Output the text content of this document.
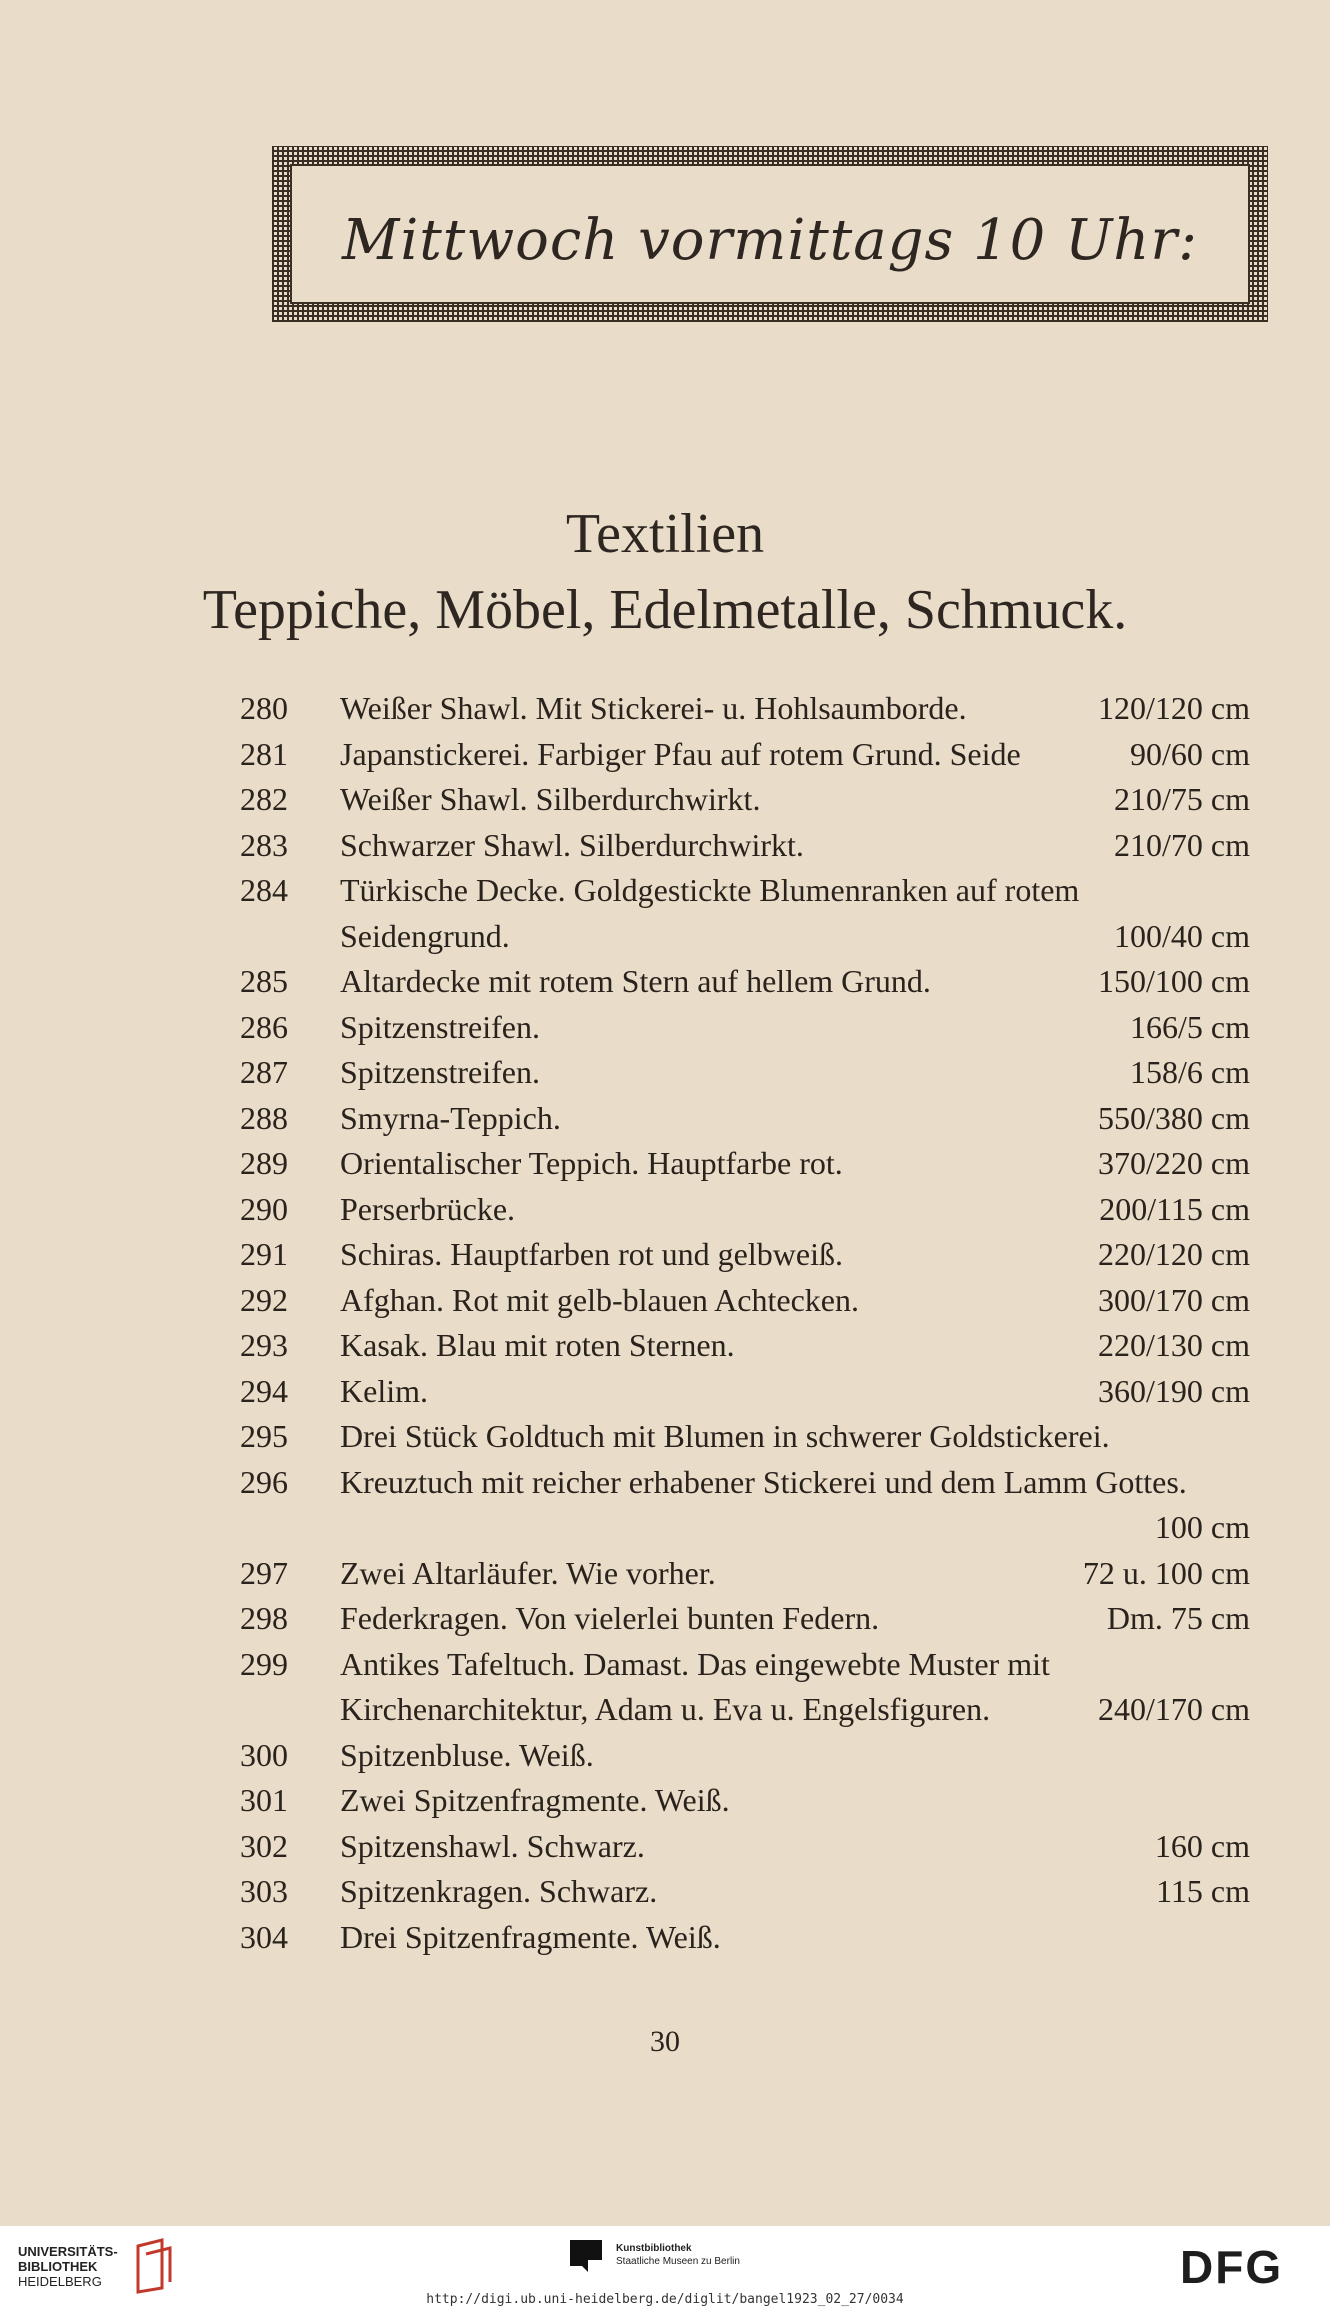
Mittwoch vormittags 10 Uhr:
Textilien
Teppiche, Möbel, Edelmetalle, Schmuck.
280	Weißer Shawl. Mit Stickerei- u. Hohlsaumborde.	120/120 cm
281	Japanstickerei. Farbiger Pfau auf rotem Grund. Seide	90/60 cm
282	Weißer Shawl. Silberdurchwirkt.	210/75 cm
283	Schwarzer Shawl. Silberdurchwirkt.	210/70 cm
284	Türkische Decke. Goldgestickte Blumenranken auf rotem
Seidengrund.	100/40 cm
285	Altardecke mit rotem Stern auf hellem Grund.	150/100 cm
286	Spitzenstreifen.	166/5 cm
287	Spitzenstreifen.	158/6 cm
288	Smyrna-Teppich.	550/380 cm
289	Orientalischer Teppich. Hauptfarbe rot.	370/220 cm
290	Perserbrücke.	200/115 cm
291	Schiras. Hauptfarben rot und gelbweiß.	220/120 cm
292	Afghan. Rot mit gelb-blauen Achtecken.	300/170 cm
293	Kasak. Blau mit roten Sternen.	220/130 cm
294	Kelim.	360/190 cm
295	Drei Stück Goldtuch mit Blumen in schwerer Goldstickerei.
296	Kreuztuch mit reicher erhabener Stickerei und dem Lamm Gottes.
100 cm
297	Zwei Altarläufer. Wie vorher.	72 u. 100 cm
298	Federkragen. Von vielerlei bunten Federn.	Dm. 75 cm
299	Antikes Tafeltuch. Damast. Das eingewebte Muster mit
Kirchenarchitektur, Adam u. Eva u. Engelsfiguren.	240/170 cm
300	Spitzenbluse. Weiß.
301	Zwei Spitzenfragmente. Weiß.
302	Spitzenshawl. Schwarz.	160 cm
303	Spitzenkragen. Schwarz.	115 cm
304	Drei Spitzenfragmente. Weiß.
30
UNIVERSITÄTS-
BIBLIOTHEK
HEIDELBERG
Kunstbibliothek
Staatliche Museen zu Berlin	DFG
http://digi.ub.uni-heidelberg.de/diglit/bangel1923_02_27/0034
